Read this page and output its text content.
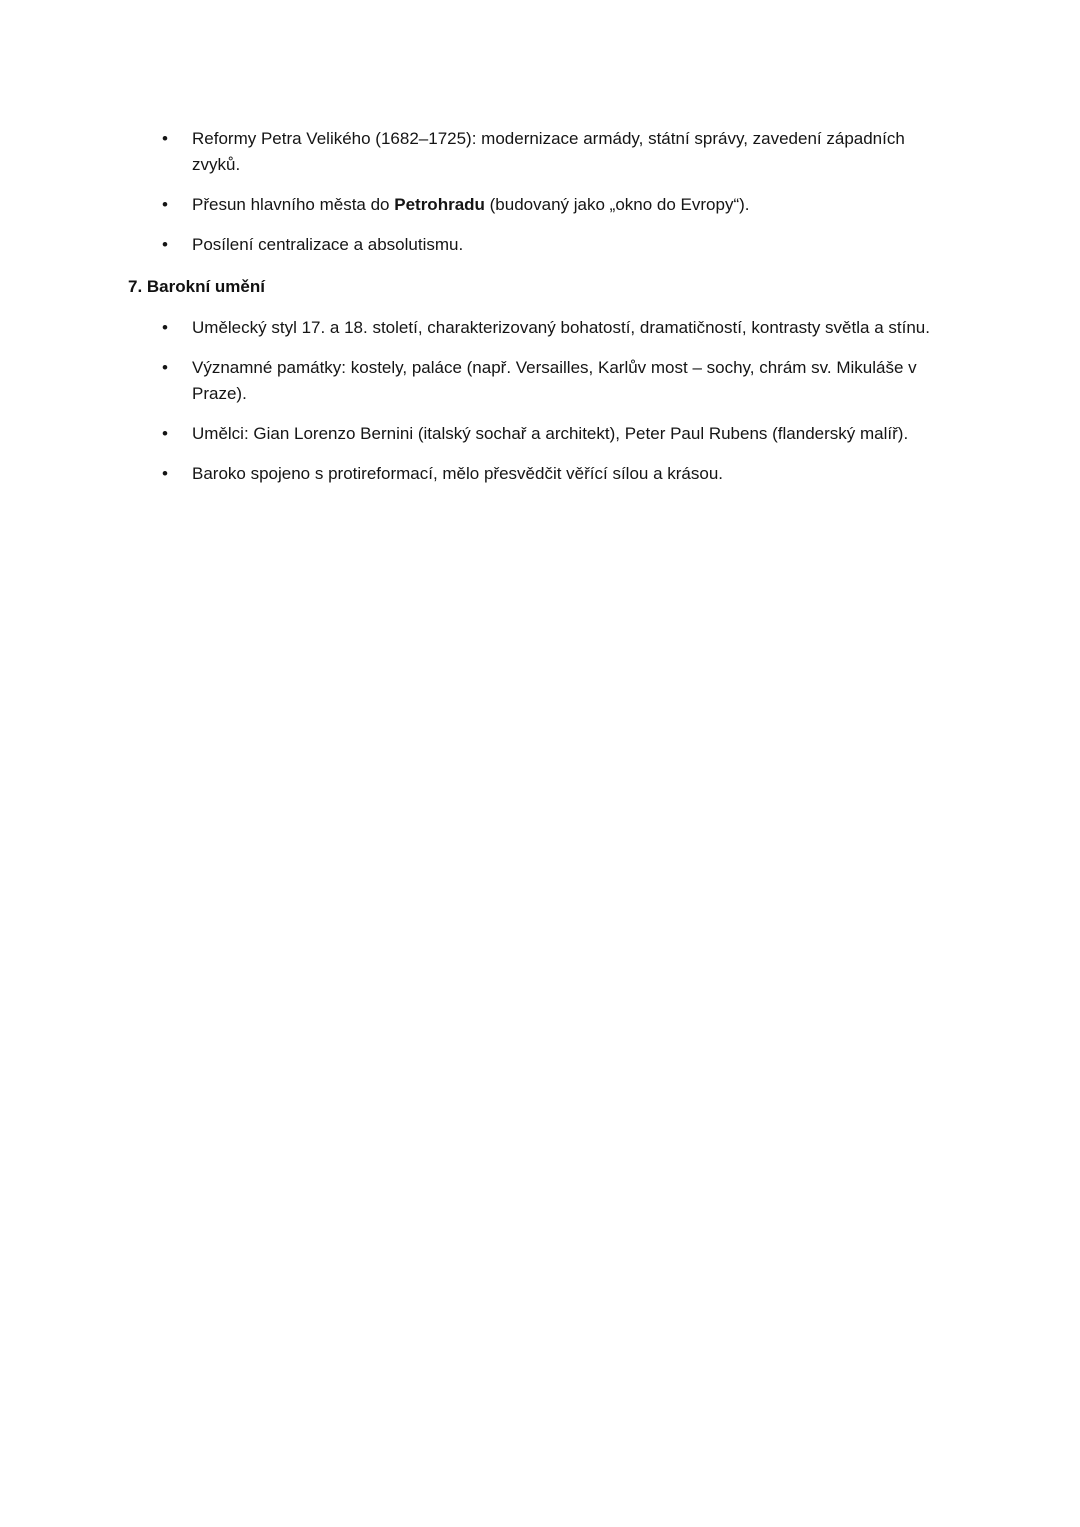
• Reformy Petra Velikého (1682–1725): modernizace armády, státní správy, zavedení západních zvyků.
• Přesun hlavního města do Petrohradu (budovaný jako „okno do Evropy“).
• Posílení centralizace a absolutismu.
7. Barokní umění
• Umělecký styl 17. a 18. století, charakterizovaný bohatostí, dramatičností, kontrasty světla a stínu.
• Významné památky: kostely, paláce (např. Versailles, Karlův most – sochy, chrám sv. Mikuláše v Praze).
• Umělci: Gian Lorenzo Bernini (italský sochař a architekt), Peter Paul Rubens (flanderský malíř).
• Baroko spojeno s protireformací, mělo přesvědčit věřící sílou a krásou.
